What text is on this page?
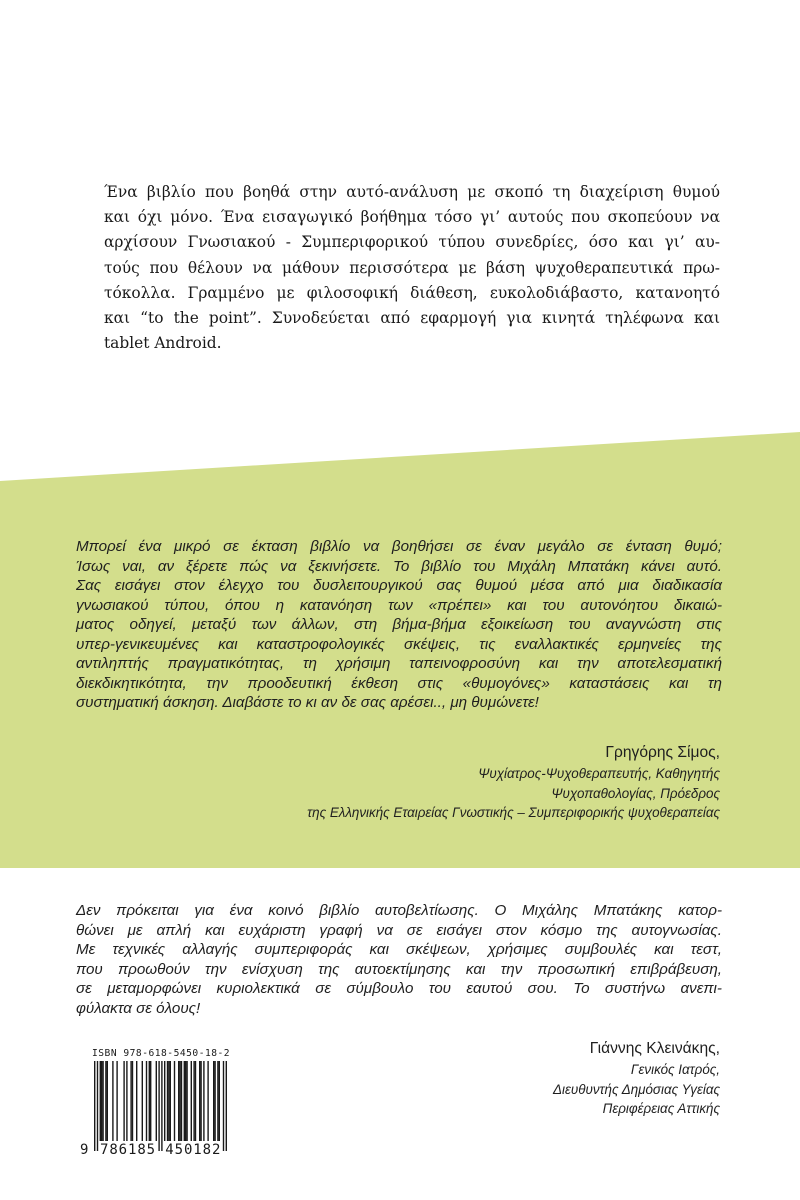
Ένα βιβλίο που βοηθά στην αυτό-ανάλυση με σκοπό τη διαχείριση θυμού
και όχι μόνο. Ένα εισαγωγικό βοήθημα τόσο γι’ αυτούς που σκοπεύουν να
αρχίσουν Γνωσιακού - Συμπεριφορικού τύπου συνεδρίες, όσο και γι’ αυ-
τούς που θέλουν να μάθουν περισσότερα με βάση ψυχοθεραπευτικά πρω-
τόκολλα. Γραμμένο με φιλοσοφική διάθεση, ευκολοδιάβαστο, κατανοητό
και “to the point”. Συνοδεύεται από εφαρμογή για κινητά τηλέφωνα και
tablet Android.
Μπορεί ένα μικρό σε έκταση βιβλίο να βοηθήσει σε έναν μεγάλο σε ένταση θυμό;
Ίσως ναι, αν ξέρετε πώς να ξεκινήσετε. Το βιβλίο του Μιχάλη Μπατάκη κάνει αυτό.
Σας εισάγει στον έλεγχο του δυσλειτουργικού σας θυμού μέσα από μια διαδικασία
γνωσιακού τύπου, όπου η κατανόηση των «πρέπει» και του αυτονόητου δικαιώ-
ματος οδηγεί, μεταξύ των άλλων, στη βήμα-βήμα εξοικείωση του αναγνώστη στις
υπερ-γενικευμένες και καταστροφολογικές σκέψεις, τις εναλλακτικές ερμηνείες της
αντιληπτής πραγματικότητας, τη χρήσιμη ταπεινοφροσύνη και την αποτελεσματική
διεκδικητικότητα, την προοδευτική έκθεση στις «θυμογόνες» καταστάσεις και τη
συστηματική άσκηση. Διαβάστε το κι αν δε σας αρέσει.., μη θυμώνετε!
Γρηγόρης Σίμος,
Ψυχίατρος-Ψυχοθεραπευτής, Καθηγητής
Ψυχοπαθολογίας, Πρόεδρος
της Ελληνικής Εταιρείας Γνωστικής – Συμπεριφορικής ψυχοθεραπείας
Δεν πρόκειται για ένα κοινό βιβλίο αυτοβελτίωσης. Ο Μιχάλης Μπατάκης κατορ-
θώνει με απλή και ευχάριστη γραφή να σε εισάγει στον κόσμο της αυτογνωσίας.
Με τεχνικές αλλαγής συμπεριφοράς και σκέψεων, χρήσιμες συμβουλές και τεστ,
που προωθούν την ενίσχυση της αυτοεκτίμησης και την προσωπική επιβράβευση,
σε μεταμορφώνει κυριολεκτικά σε σύμβουλο του εαυτού σου. Το συστήνω ανεπι-
φύλακτα σε όλους!
Γιάννης Κλεινάκης,
Γενικός Ιατρός,
Διευθυντής Δημόσιας Υγείας
Περιφέρειας Αττικής
ISBN 978-618-5450-18-2
9 786185 450182
